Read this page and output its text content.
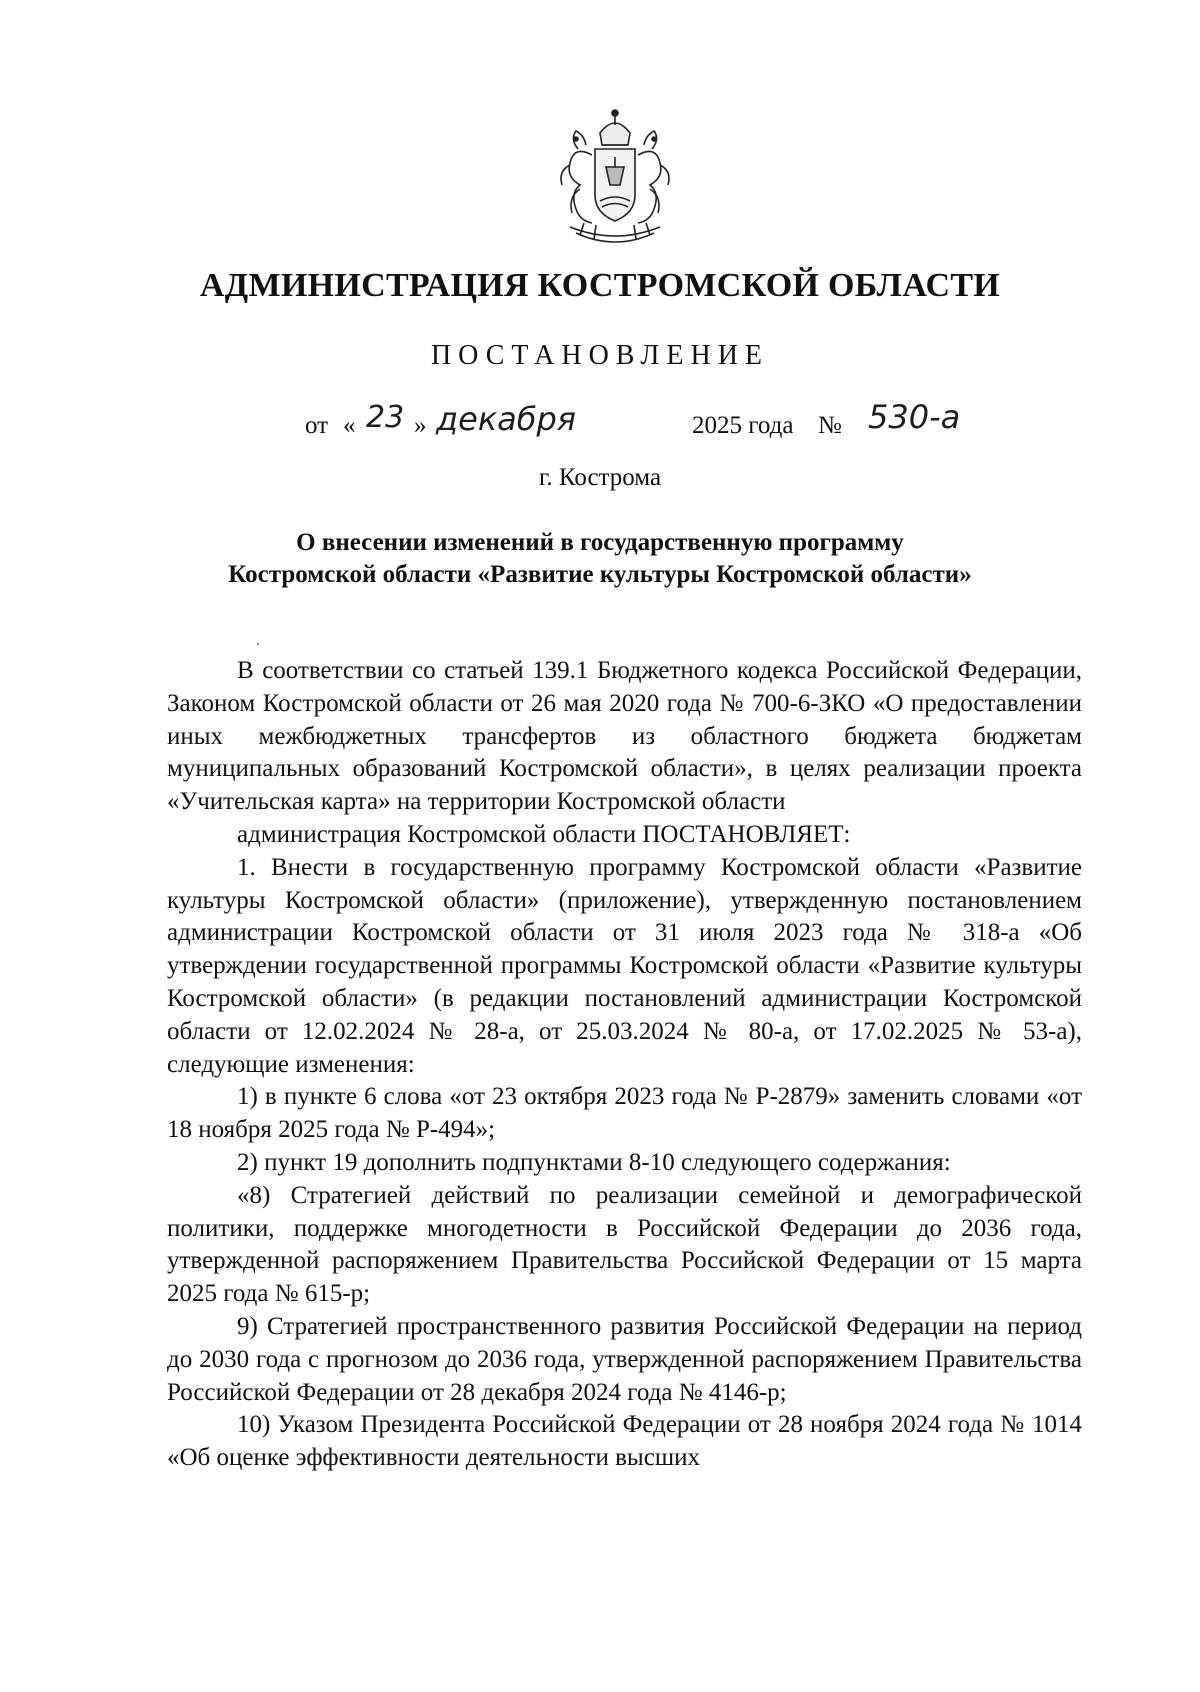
АДМИНИСТРАЦИЯ КОСТРОМСКОЙ ОБЛАСТИ
ПОСТАНОВЛЕНИЕ
от « 23 » декабря	2025 года № 530-а
г. Кострома
О внесении изменений в государственную программу
Костромской области «Развитие культуры Костромской области»

В соответствии со статьей 139.1 Бюджетного кодекса Российской Федерации, Законом Костромской области от 26 мая 2020 года № 700-6-ЗКО «О предоставлении иных межбюджетных трансфертов из областного бюджета бюджетам муниципальных образований Костромской области», в целях реализации проекта «Учительская карта» на территории Костромской области

администрация Костромской области ПОСТАНОВЛЯЕТ:

1. Внести в государственную программу Костромской области «Развитие культуры Костромской области» (приложение), утвержденную постановлением администрации Костромской области от 31 июля 2023 года № 318-а «Об утверждении государственной программы Костромской области «Развитие культуры Костромской области» (в редакции постановлений администрации Костромской области от 12.02.2024 № 28-а, от 25.03.2024 № 80-а, от 17.02.2025 № 53-а), следующие изменения:

1) в пункте 6 слова «от 23 октября 2023 года № Р-2879» заменить словами «от 18 ноября 2025 года № Р-494»;

2) пункт 19 дополнить подпунктами 8-10 следующего содержания:

«8) Стратегией действий по реализации семейной и демографической политики, поддержке многодетности в Российской Федерации до 2036 года, утвержденной распоряжением Правительства Российской Федерации от 15 марта 2025 года № 615-р;

9) Стратегией пространственного развития Российской Федерации на период до 2030 года с прогнозом до 2036 года, утвержденной распоряжением Правительства Российской Федерации от 28 декабря 2024 года № 4146-р;

10) Указом Президента Российской Федерации от 28 ноября 2024 года № 1014 «Об оценке эффективности деятельности высших
